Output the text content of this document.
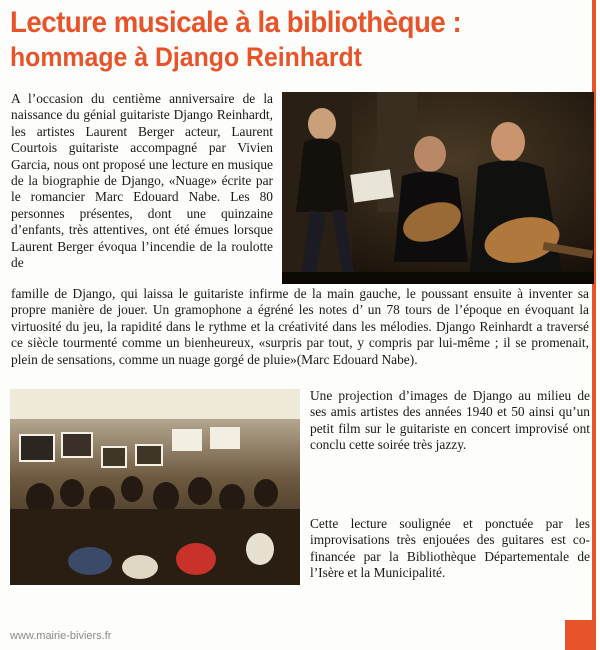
Lecture musicale à la bibliothèque :
hommage à Django Reinhardt

A l’occasion du centième anniversaire de la naissance du génial guitariste Django Reinhardt, les artistes Laurent Berger acteur, Laurent Courtois guitariste accompagné par Vivien Garcia, nous ont proposé une lecture en musique de la biographie de Django, «Nuage» écrite par le romancier Marc Edouard Nabe. Les 80 personnes présentes, dont une quinzaine d’enfants, très attentives, ont été émues lorsque Laurent Berger évoqua l’incendie de la roulotte de

famille de Django, qui laissa le guitariste infirme de la main gauche, le poussant ensuite à inventer sa propre manière de jouer. Un gramophone a égréné les notes d’ un 78 tours de l’époque en évoquant la virtuosité du jeu, la rapidité dans le rythme et la créativité dans les mélodies. Django Reinhardt a traversé ce siècle tourmenté comme un bienheureux, «surpris par tout, y compris par lui-même ; il se promenait, plein de sensations, comme un nuage gorgé de pluie»(Marc Edouard Nabe).

Une projection d’images de Django au milieu de ses amis artistes des années 1940 et 50 ainsi qu’un petit film sur le guitariste en concert improvisé ont conclu cette soirée très jazzy.

Cette lecture soulignée et ponctuée par les improvisations très enjouées des guitares est co-financée par la Bibliothèque Départementale de l’Isère et la Municipalité.

www.mairie-biviers.fr
